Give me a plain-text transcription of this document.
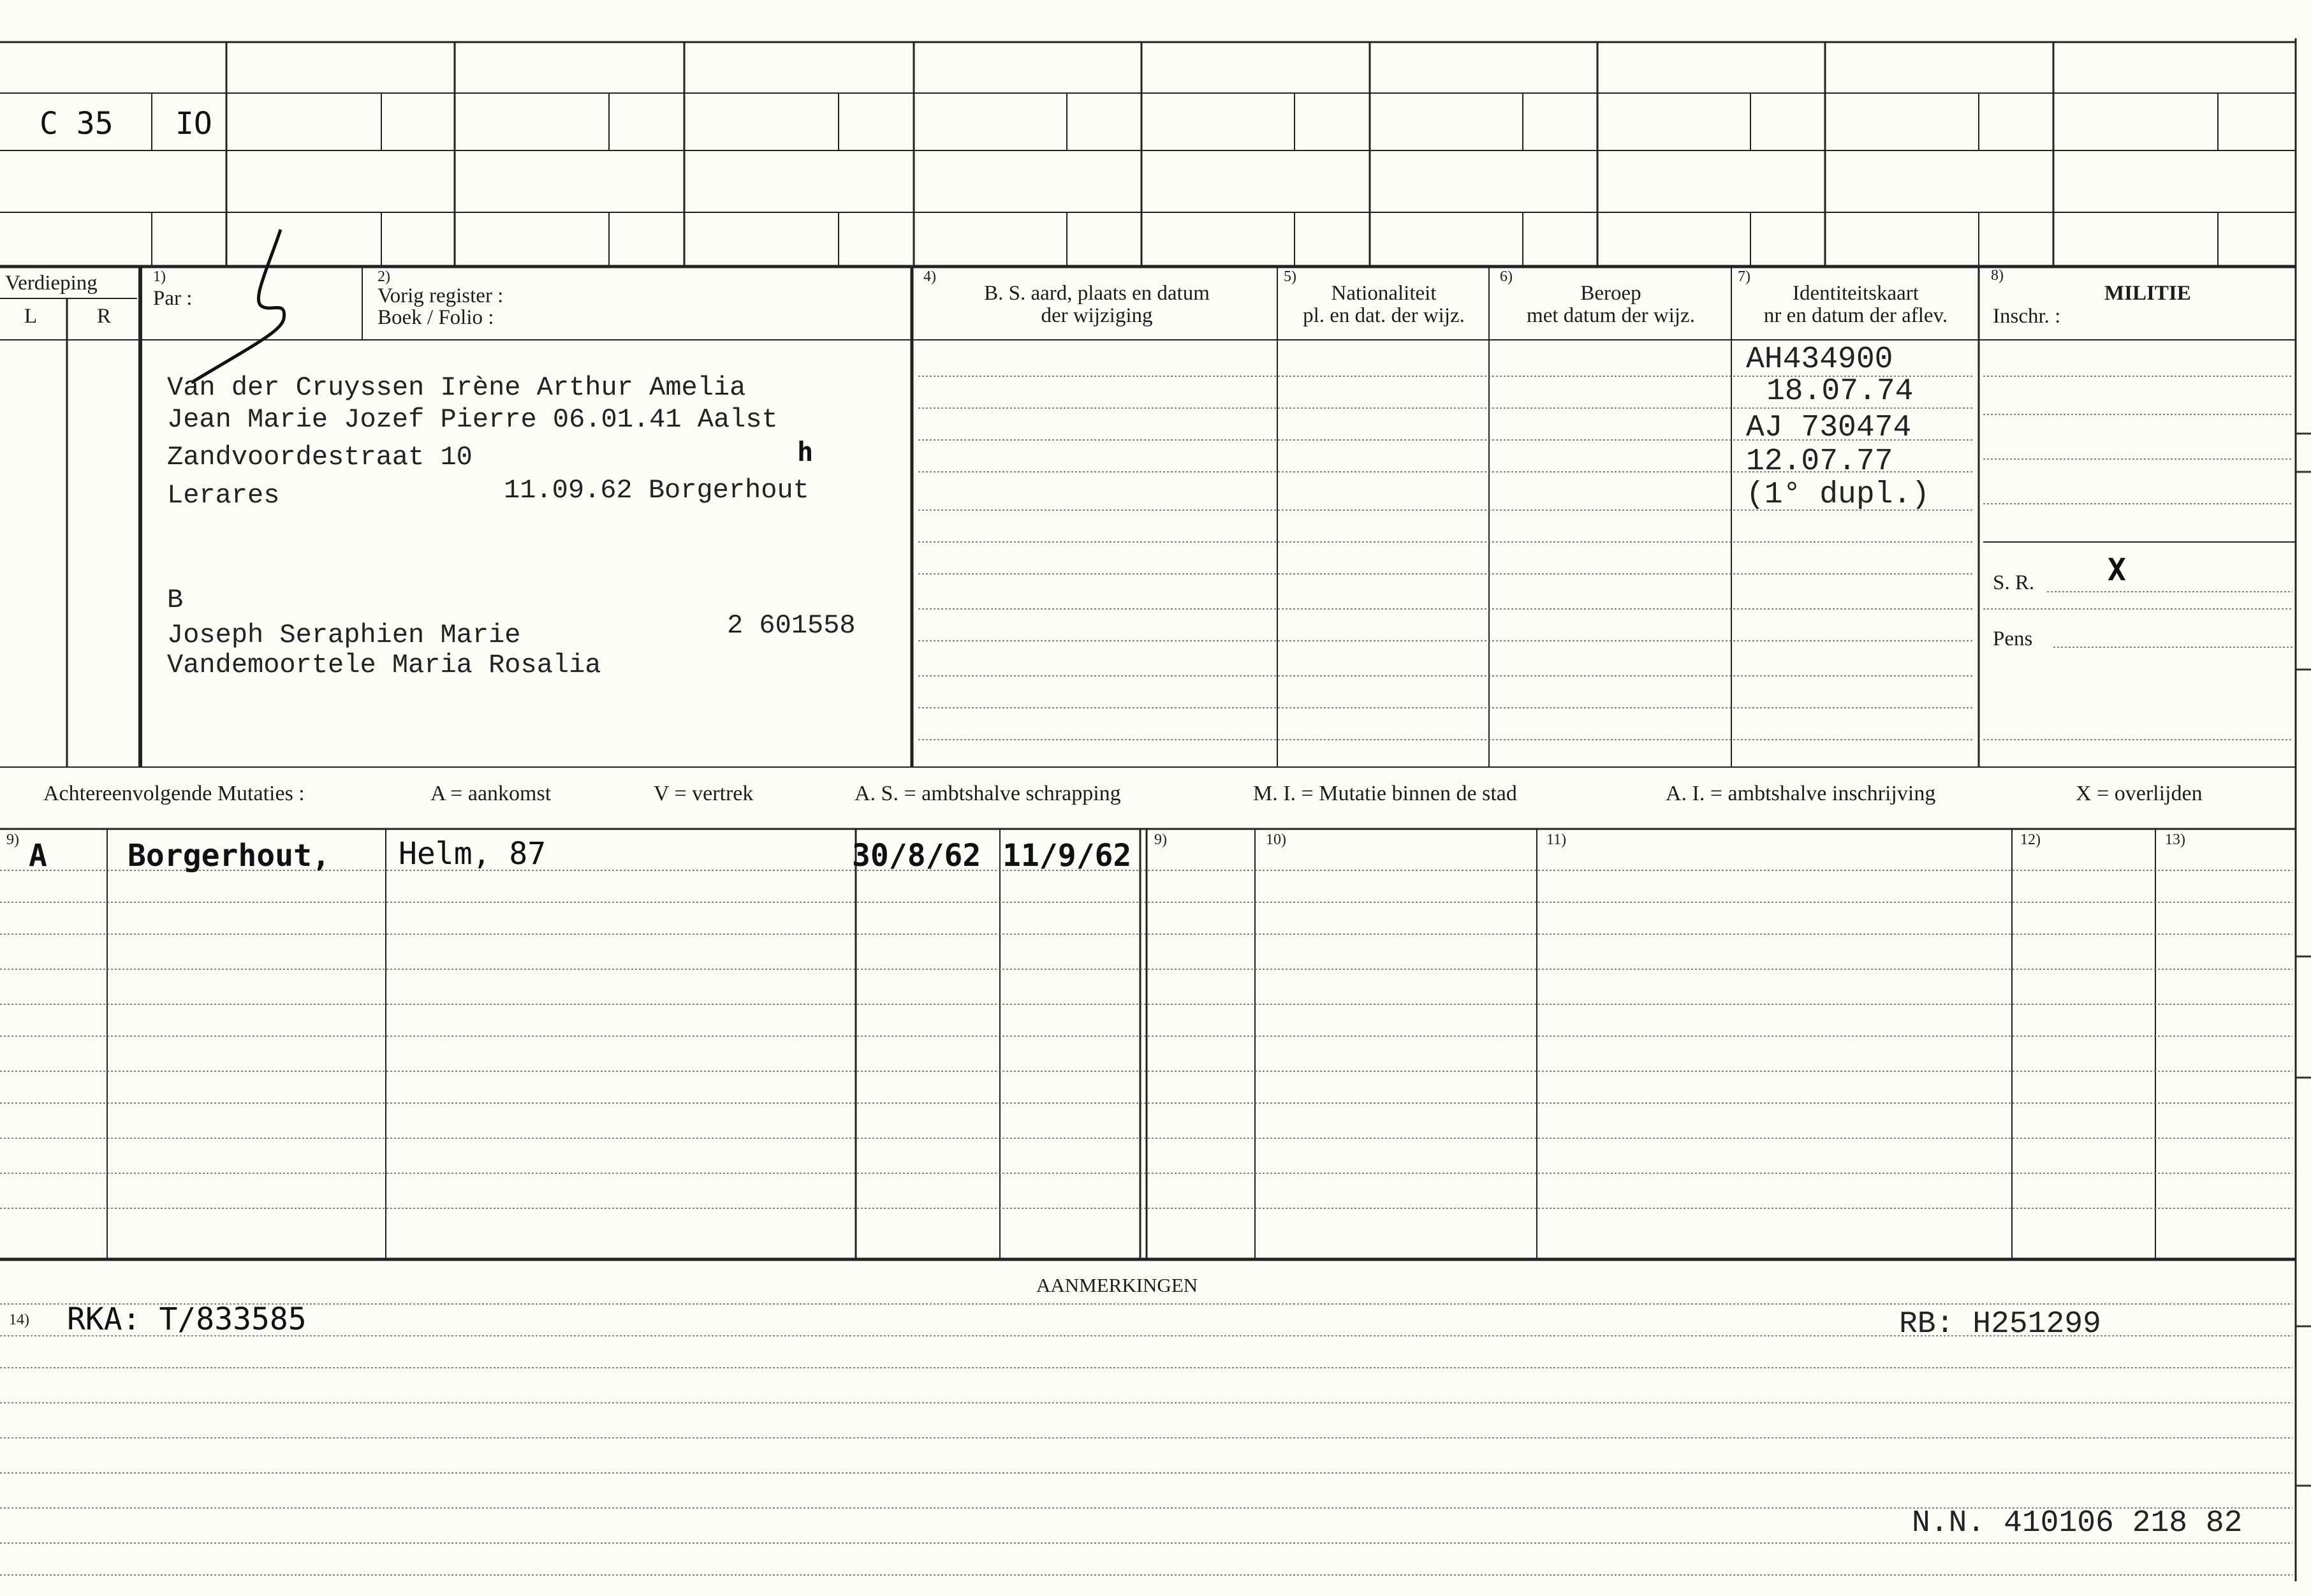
C 35 IO
Verdieping
L	R
1)
Par :
2)
Vorig register :
Boek / Folio :
4)
B. S. aard, plaats en datum
der wijziging
5)
Nationaliteit
pl. en dat. der wijz.
6)
Beroep
met datum der wijz.
7)
Identiteitskaart
nr en datum der aflev.
8)
MILITIE
Inschr. :
Van der Cruyssen Irène Arthur Amelia
Jean Marie Jozef Pierre 06.01.41 Aalst
Zandvoordestraat 10	h
Lerares	11.09.62 Borgerhout
B
Joseph Seraphien Marie	2 601558
Vandemoortele Maria Rosalia
AH434900
18.07.74
AJ 730474
12.07.77
(1° dupl.)
S. R. X
Pens
Achtereenvolgende Mutaties :	A = aankomst	V = vertrek	A. S. = ambtshalve schrapping	M. I. = Mutatie binnen de stad	A. I. = ambtshalve inschrijving	X = overlijden
9)	9)	10)	11)	12)	13)
A	Borgerhout, Helm, 87	30/8/62 11/9/62
AANMERKINGEN
14) RKA: T/833585	RB: H251299
N.N. 410106 218 82
